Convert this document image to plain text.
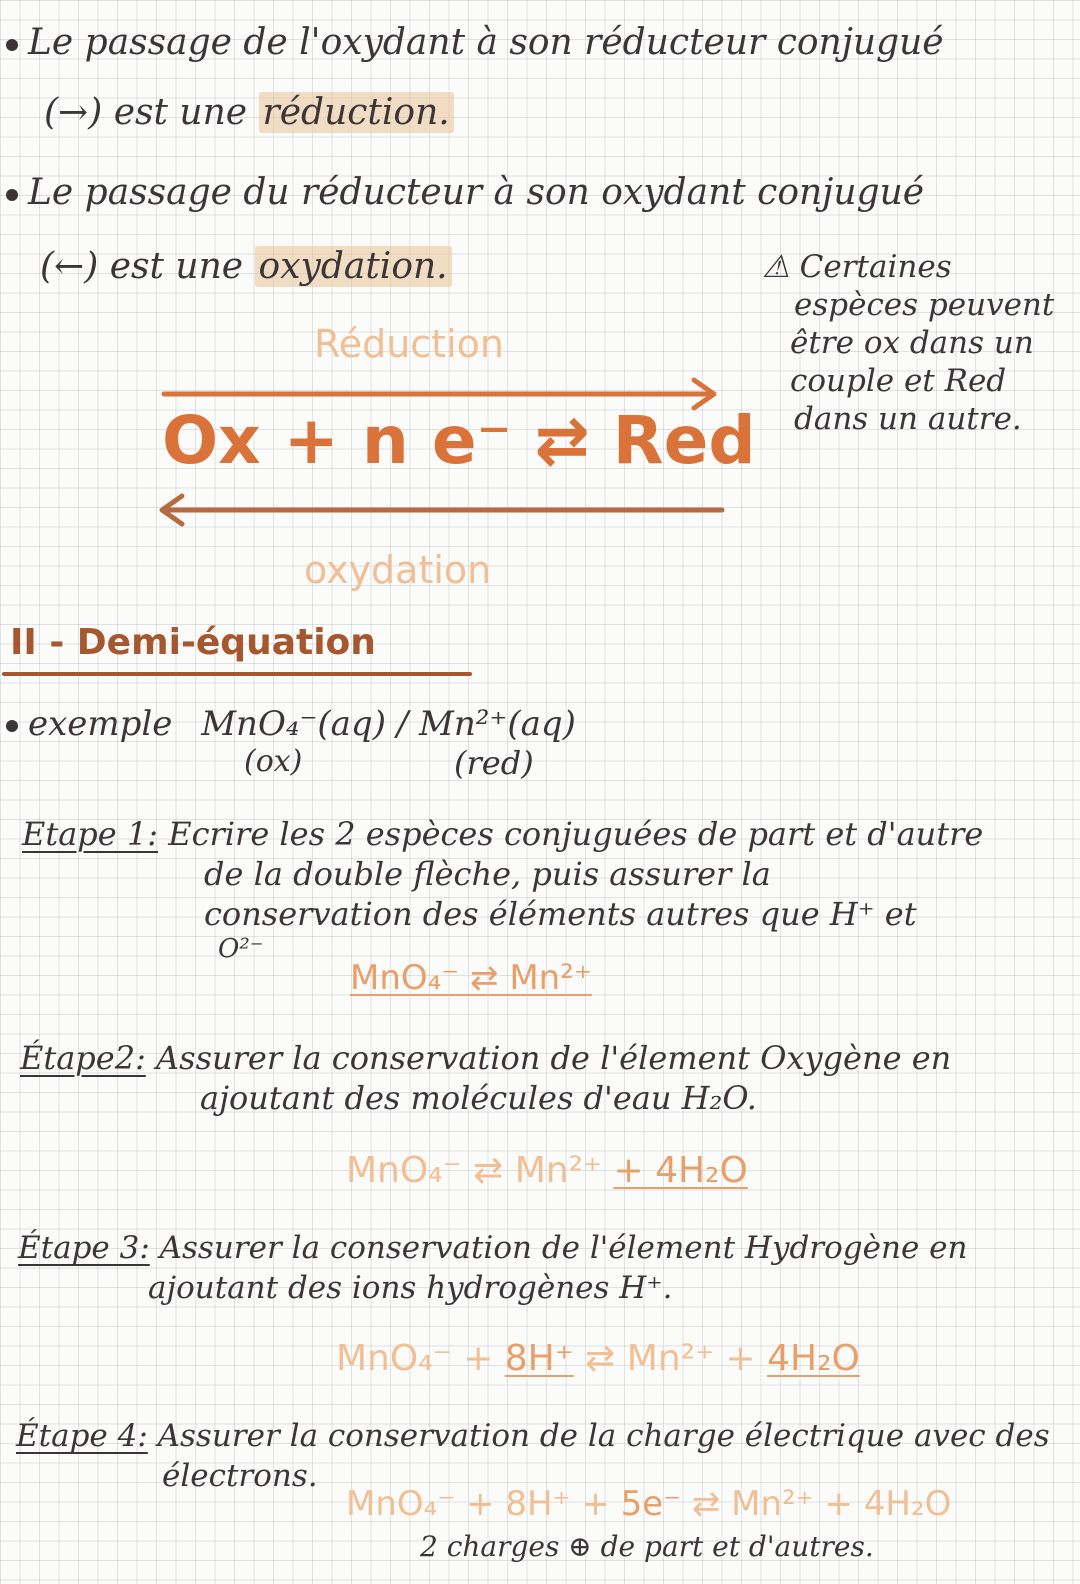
Le passage de l'oxydant à son réducteur conjugué
(→) est une réduction.
Le passage du réducteur à son oxydant conjugué
(←) est une oxydation.	⚠ Certaines
espèces peuvent
être ox dans un
couple et Red
dans un autre.
Réduction
Ox + n e⁻ ⇄ Red
oxydation
II - Demi-équation
exemple MnO₄⁻(aq) / Mn²⁺(aq)
(ox)	(red)
Etape 1: Ecrire les 2 espèces conjuguées de part et d'autre
de la double flèche, puis assurer la
conservation des éléments autres que H⁺ et
O²⁻
MnO₄⁻ ⇄ Mn²⁺
Étape2: Assurer la conservation de l'élement Oxygène en
ajoutant des molécules d'eau H₂O.
MnO₄⁻ ⇄ Mn²⁺ + 4H₂O
Étape 3: Assurer la conservation de l'élement Hydrogène en
ajoutant des ions hydrogènes H⁺.
MnO₄⁻ + 8H⁺ ⇄ Mn²⁺ + 4H₂O
Étape 4: Assurer la conservation de la charge électrique avec des
électrons.
MnO₄⁻ + 8H⁺ + 5e⁻ ⇄ Mn²⁺ + 4H₂O
2 charges ⊕ de part et d'autres.
